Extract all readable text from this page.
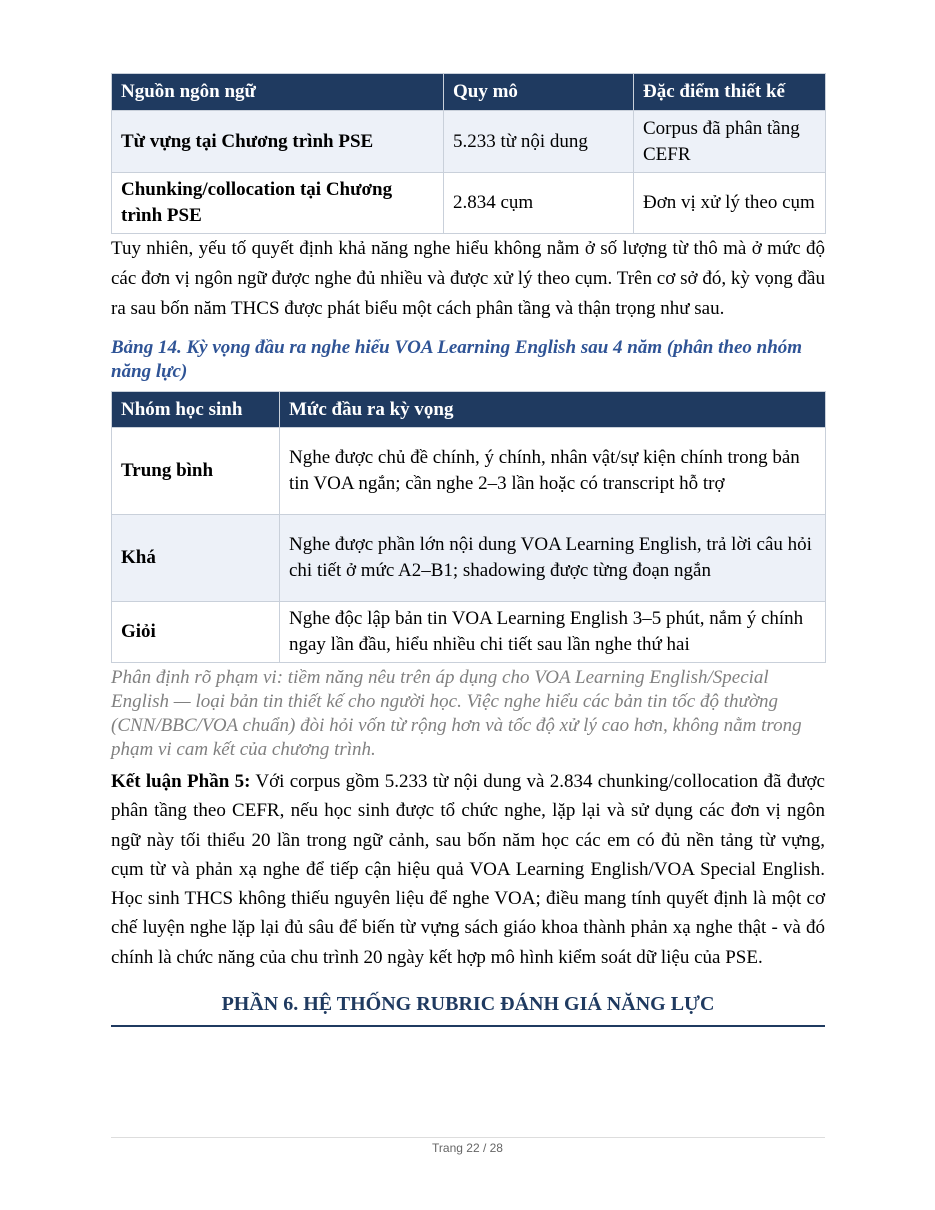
Nguồn ngôn ngữ	Quy mô	Đặc điểm thiết kế
Từ vựng tại Chương trình PSE	5.233 từ nội dung	Corpus đã phân tầng CEFR
Chunking/collocation tại Chương trình PSE	2.834 cụm	Đơn vị xử lý theo cụm

Tuy nhiên, yếu tố quyết định khả năng nghe hiểu không nằm ở số lượng từ thô mà ở mức độ các đơn vị ngôn ngữ được nghe đủ nhiều và được xử lý theo cụm. Trên cơ sở đó, kỳ vọng đầu ra sau bốn năm THCS được phát biểu một cách phân tầng và thận trọng như sau.

Bảng 14. Kỳ vọng đầu ra nghe hiểu VOA Learning English sau 4 năm (phân theo nhóm năng lực)
Nhóm học sinh	Mức đầu ra kỳ vọng
Trung bình	Nghe được chủ đề chính, ý chính, nhân vật/sự kiện chính trong bản tin VOA ngắn; cần nghe 2–3 lần hoặc có transcript hỗ trợ
Khá	Nghe được phần lớn nội dung VOA Learning English, trả lời câu hỏi chi tiết ở mức A2–B1; shadowing được từng đoạn ngắn
Giỏi	Nghe độc lập bản tin VOA Learning English 3–5 phút, nắm ý chính ngay lần đầu, hiểu nhiều chi tiết sau lần nghe thứ hai
Phân định rõ phạm vi: tiềm năng nêu trên áp dụng cho VOA Learning English/Special English — loại bản tin thiết kế cho người học. Việc nghe hiểu các bản tin tốc độ thường (CNN/BBC/VOA chuẩn) đòi hỏi vốn từ rộng hơn và tốc độ xử lý cao hơn, không nằm trong phạm vi cam kết của chương trình.

Kết luận Phần 5: Với corpus gồm 5.233 từ nội dung và 2.834 chunking/collocation đã được phân tầng theo CEFR, nếu học sinh được tổ chức nghe, lặp lại và sử dụng các đơn vị ngôn ngữ này tối thiểu 20 lần trong ngữ cảnh, sau bốn năm học các em có đủ nền tảng từ vựng, cụm từ và phản xạ nghe để tiếp cận hiệu quả VOA Learning English/VOA Special English. Học sinh THCS không thiếu nguyên liệu để nghe VOA; điều mang tính quyết định là một cơ chế luyện nghe lặp lại đủ sâu để biến từ vựng sách giáo khoa thành phản xạ nghe thật - và đó chính là chức năng của chu trình 20 ngày kết hợp mô hình kiểm soát dữ liệu của PSE.

PHẦN 6. HỆ THỐNG RUBRIC ĐÁNH GIÁ NĂNG LỰC
Trang 22 / 28
